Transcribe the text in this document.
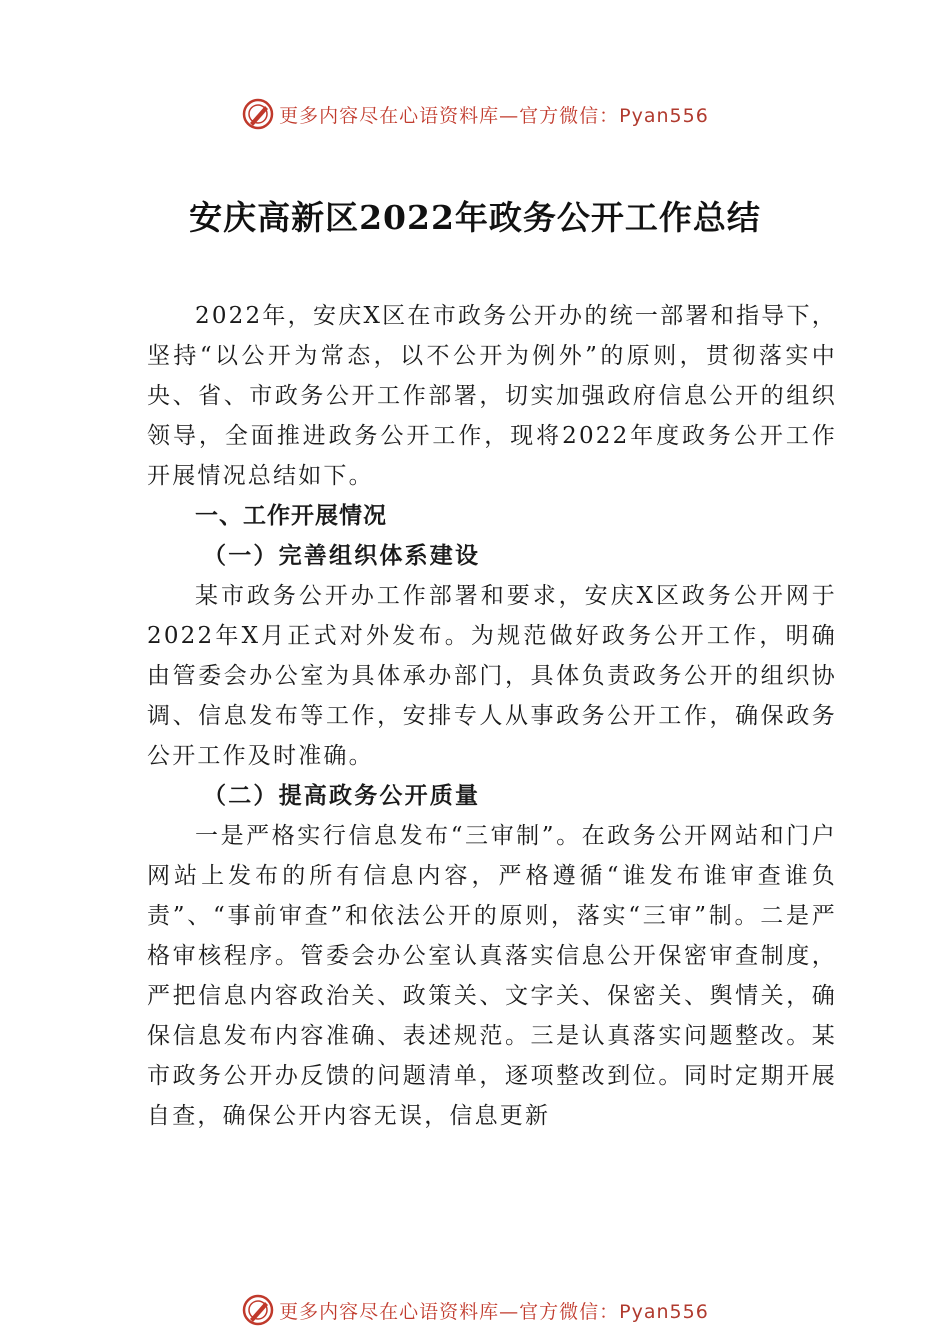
更多内容尽在心语资料库—官方微信：Pyan556
安庆高新区2022年政务公开工作总结

2022年，安庆X区在市政务公开办的统一部署和指导下，坚持“以公开为常态，以不公开为例外”的原则，贯彻落实中央、省、市政务公开工作部署，切实加强政府信息公开的组织领导，全面推进政务公开工作，现将2022年度政务公开工作开展情况总结如下。

一、工作开展情况

（一）完善组织体系建设

某市政务公开办工作部署和要求，安庆X区政务公开网于2022年X月正式对外发布。为规范做好政务公开工作，明确由管委会办公室为具体承办部门，具体负责政务公开的组织协调、信息发布等工作，安排专人从事政务公开工作，确保政务公开工作及时准确。

（二）提高政务公开质量

一是严格实行信息发布“三审制”。在政务公开网站和门户网站上发布的所有信息内容，严格遵循“谁发布谁审查谁负责”、“事前审查”和依法公开的原则，落实“三审”制。二是严格审核程序。管委会办公室认真落实信息公开保密审查制度，严把信息内容政治关、政策关、文字关、保密关、舆情关，确保信息发布内容准确、表述规范。三是认真落实问题整改。某市政务公开办反馈的问题清单，逐项整改到位。同时定期开展自查，确保公开内容无误，信息更新

更多内容尽在心语资料库—官方微信：Pyan556
